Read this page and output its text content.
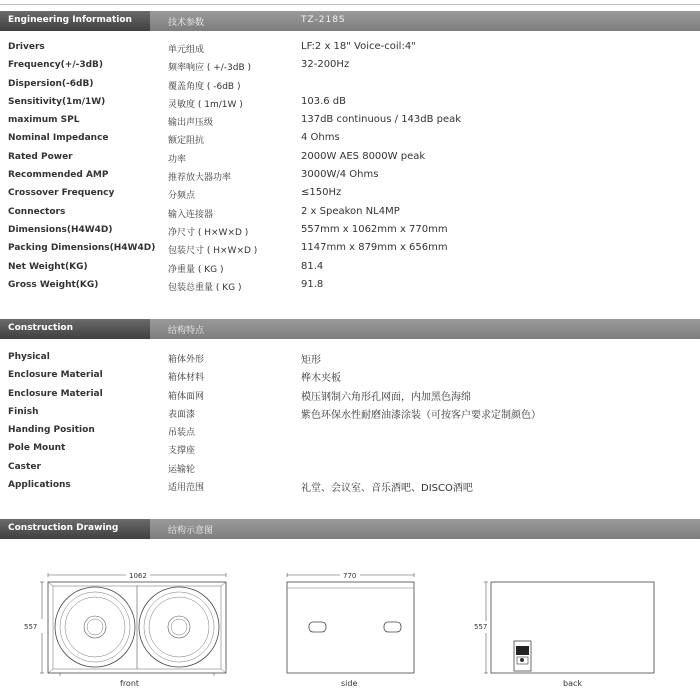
Engineering Information	技术参数	TZ-218S
Drivers	单元组成	LF:2 x 18" Voice-coil:4"
Frequency(+/-3dB)	频率响应 ( +/-3dB )	32-200Hz
Dispersion(-6dB)	覆盖角度 ( -6dB )
Sensitivity(1m/1W)	灵敏度 ( 1m/1W )	103.6 dB
maximum SPL	输出声压级	137dB continuous / 143dB peak
Nominal Impedance	额定阻抗	4 Ohms
Rated Power	功率	2000W AES 8000W peak
Recommended AMP	推荐放大器功率	3000W/4 Ohms
Crossover Frequency	分频点	≤150Hz
Connectors	输入连接器	2 x Speakon NL4MP
Dimensions(H4W4D)	净尺寸 ( H×W×D )	557mm x 1062mm x 770mm
Packing Dimensions(H4W4D) 包装尺寸 ( H×W×D )	1147mm x 879mm x 656mm
Net Weight(KG)	净重量 ( KG )	81.4
Gross Weight(KG)	包装总重量 ( KG )	91.8
Construction	结构特点
Physical	箱体外形	矩形
Enclosure Material	箱体材料	桦木夹板
Enclosure Material	箱体面网	模压钢制六角形孔网面，内加黑色海绵
Finish	表面漆	紫色环保水性耐磨油漆涂装（可按客户要求定制颜色）
Handing Position	吊装点
Pole Mount	支撑座
Caster	运输轮
Applications	适用范围	礼堂、会议室、音乐酒吧、DISCO酒吧
Construction Drawing	结构示意图
1062
557
770
557
front	side	back
